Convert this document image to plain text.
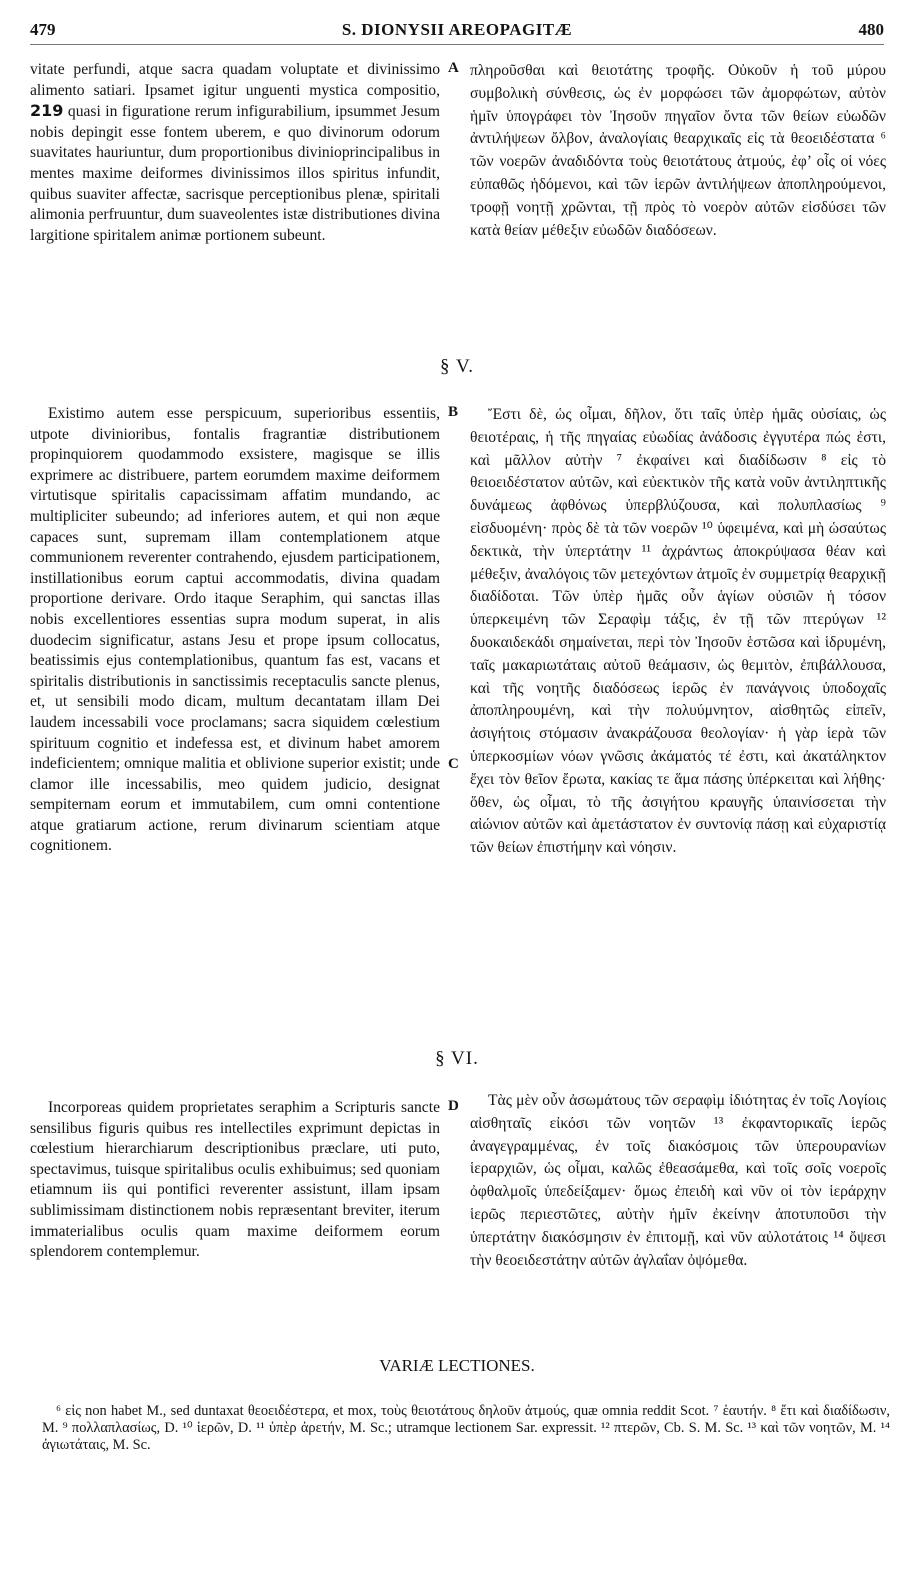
479	S. DIONYSII AREOPAGITÆ	480

vitate perfundi, atque sacra quadam voluptate et divinissimo alimento satiari. Ipsamet igitur unguenti mystica compositio, 219 quasi in figuratione rerum infigurabilium, ipsummet Jesum nobis depingit esse fontem uberem, e quo divinorum odorum suavitates hauriuntur, dum proportionibus divinioprincipalibus in mentes maxime deiformes divinissimos illos spiritus infundit, quibus suaviter affectæ, sacrisque perceptionibus plenæ, spiritali alimonia perfruuntur, dum suaveolentes istæ distributiones divina largitione spiritalem animæ portionem subeunt.

A πληροῦσθαι καὶ θειοτάτης τροφῆς. Οὐκοῦν ἡ τοῦ μύρου συμβολικὴ σύνθεσις, ὡς ἐν μορφώσει τῶν ἀμορφώτων, αὐτὸν ἡμῖν ὑπογράφει τὸν Ἰησοῦν πηγαῖον ὄντα τῶν θείων εὐωδῶν ἀντιλήψεων ὄλβον, ἀναλογίαις θεαρχικαῖς εἰς τὰ θεοειδέστατα ⁶ τῶν νοερῶν ἀναδιδόντα τοὺς θειοτάτους ἀτμούς, ἐφ’ οἷς οἱ νόες εὐπαθῶς ἡδόμενοι, καὶ τῶν ἱερῶν ἀντιλήψεων ἀποπληρούμενοι, τροφῇ νοητῇ χρῶνται, τῇ πρὸς τὸ νοερὸν αὐτῶν εἰσδύσει τῶν κατὰ θείαν μέθεξιν εὐωδῶν διαδόσεων.

§ V.

Existimo autem esse perspicuum, superioribus essentiis, utpote divinioribus, fontalis fragrantiæ distributionem propinquiorem quodammodo exsistere, magisque se illis exprimere ac distribuere, partem eorumdem maxime deiformem virtutisque spiritalis capacissimam affatim mundando, ac multipliciter subeundo; ad inferiores autem, et qui non æque capaces sunt, supremam illam contemplationem atque communionem reverenter contrahendo, ejusdem participationem, instillationibus eorum captui accommodatis, divina quadam proportione derivare. Ordo itaque Seraphim, qui sanctas illas nobis excellentiores essentias supra modum superat, in alis duodecim significatur, astans Jesu et prope ipsum collocatus, beatissimis ejus contemplationibus, quantum fas est, vacans et spiritalis distributionis in sanctissimis receptaculis sancte plenus, et, ut sensibili modo dicam, multum decantatam illam Dei laudem incessabili voce proclamans; sacra siquidem cœlestium spirituum cognitio et indefessa est, et divinum habet amorem indeficientem; omnique malitia et oblivione superior existit; unde clamor ille incessabilis, meo quidem judicio, designat sempiternam eorum et immutabilem, cum omni contentione atque gratiarum actione, rerum divinarum scientiam atque cognitionem.

B
C

Ἔστι δὲ, ὡς οἶμαι, δῆλον, ὅτι ταῖς ὑπὲρ ἡμᾶς οὐσίαις, ὡς θειοτέραις, ἡ τῆς πηγαίας εὐωδίας ἀνάδοσις ἐγγυτέρα πώς ἐστι, καὶ μᾶλλον αὐτὴν ⁷ ἐκφαίνει καὶ διαδίδωσιν ⁸ εἰς τὸ θειοειδέστατον αὐτῶν, καὶ εὐεκτικὸν τῆς κατὰ νοῦν ἀντιληπτικῆς δυνάμεως ἀφθόνως ὑπερβλύζουσα, καὶ πολυπλασίως ⁹ εἰσδυομένη· πρὸς δὲ τὰ τῶν νοερῶν ¹⁰ ὑφειμένα, καὶ μὴ ὡσαύτως δεκτικὰ, τὴν ὑπερτάτην ¹¹ ἀχράντως ἀποκρύψασα θέαν καὶ μέθεξιν, ἀναλόγοις τῶν μετεχόντων ἀτμοῖς ἐν συμμετρίᾳ θεαρχικῇ διαδίδοται. Τῶν ὑπὲρ ἡμᾶς οὖν ἁγίων οὐσιῶν ἡ τόσον ὑπερκειμένη τῶν Σεραφὶμ τάξις, ἐν τῇ τῶν πτερύγων ¹² δυοκαιδεκάδι σημαίνεται, περὶ τὸν Ἰησοῦν ἑστῶσα καὶ ἱδρυμένη, ταῖς μακαριωτάταις αὐτοῦ θεάμασιν, ὡς θεμιτὸν, ἐπιβάλλουσα, καὶ τῆς νοητῆς διαδόσεως ἱερῶς ἐν πανάγνοις ὑποδοχαῖς ἀποπληρουμένη, καὶ τὴν πολυύμνητον, αἰσθητῶς εἰπεῖν, ἀσιγήτοις στόμασιν ἀνακράζουσα θεολογίαν· ἡ γὰρ ἱερὰ τῶν ὑπερκοσμίων νόων γνῶσις ἀκάματός τέ ἐστι, καὶ ἀκατάληκτον ἔχει τὸν θεῖον ἔρωτα, κακίας τε ἅμα πάσης ὑπέρκειται καὶ λήθης· ὅθεν, ὡς οἶμαι, τὸ τῆς ἀσιγήτου κραυγῆς ὑπαινίσσεται τὴν αἰώνιον αὐτῶν καὶ ἀμετάστατον ἐν συντονίᾳ πάσῃ καὶ εὐχαριστίᾳ τῶν θείων ἐπιστήμην καὶ νόησιν.

§ VI.

Incorporeas quidem proprietates seraphim a Scripturis sancte sensilibus figuris quibus res intellectiles exprimunt depictas in cœlestium hierarchiarum descriptionibus præclare, uti puto, spectavimus, tuisque spiritalibus oculis exhibuimus; sed quoniam etiamnum iis qui pontifici reverenter assistunt, illam ipsam sublimissimam distinctionem nobis repræsentant breviter, iterum immaterialibus oculis quam maxime deiformem eorum splendorem contemplemur.

D	Τὰς μὲν οὖν ἀσωμάτους τῶν σεραφὶμ ἰδιότητας ἐν τοῖς Λογίοις αἰσθηταῖς εἰκόσι τῶν νοητῶν ¹³ ἐκφαντορικαῖς ἱερῶς ἀναγεγραμμένας, ἐν τοῖς διακόσμοις τῶν ὑπερουρανίων ἱεραρχιῶν, ὡς οἶμαι, καλῶς ἐθεασάμεθα, καὶ τοῖς σοῖς νοεροῖς ὀφθαλμοῖς ὑπεδείξαμεν· ὅμως ἐπειδὴ καὶ νῦν οἱ τὸν ἱεράρχην ἱερῶς περιεστῶτες, αὐτὴν ἡμῖν ἐκείνην ἀποτυποῦσι τὴν ὑπερτάτην διακόσμησιν ἐν ἐπιτομῇ, καὶ νῦν αὐλοτάτοις ¹⁴ ὄψεσι τὴν θεοειδεστάτην αὐτῶν ἀγλαΐαν ὀψόμεθα.

VARIÆ LECTIONES.

⁶ εἰς non habet M., sed duntaxat θεοειδέστερα, et mox, τοὺς θειοτάτους δηλοῦν ἀτμούς, quæ omnia reddit Scot. ⁷ ἑαυτήν. ⁸ ἔτι καὶ διαδίδωσιν, M. ⁹ πολλαπλασίως, D. ¹⁰ ἱερῶν, D. ¹¹ ὑπὲρ ἀρετήν, M. Sc.; utramque lectionem Sar. expressit. ¹² πτερῶν, Cb. S. M. Sc. ¹³ καὶ τῶν νοητῶν, M. ¹⁴ ἀγιωτάταις, M. Sc.
